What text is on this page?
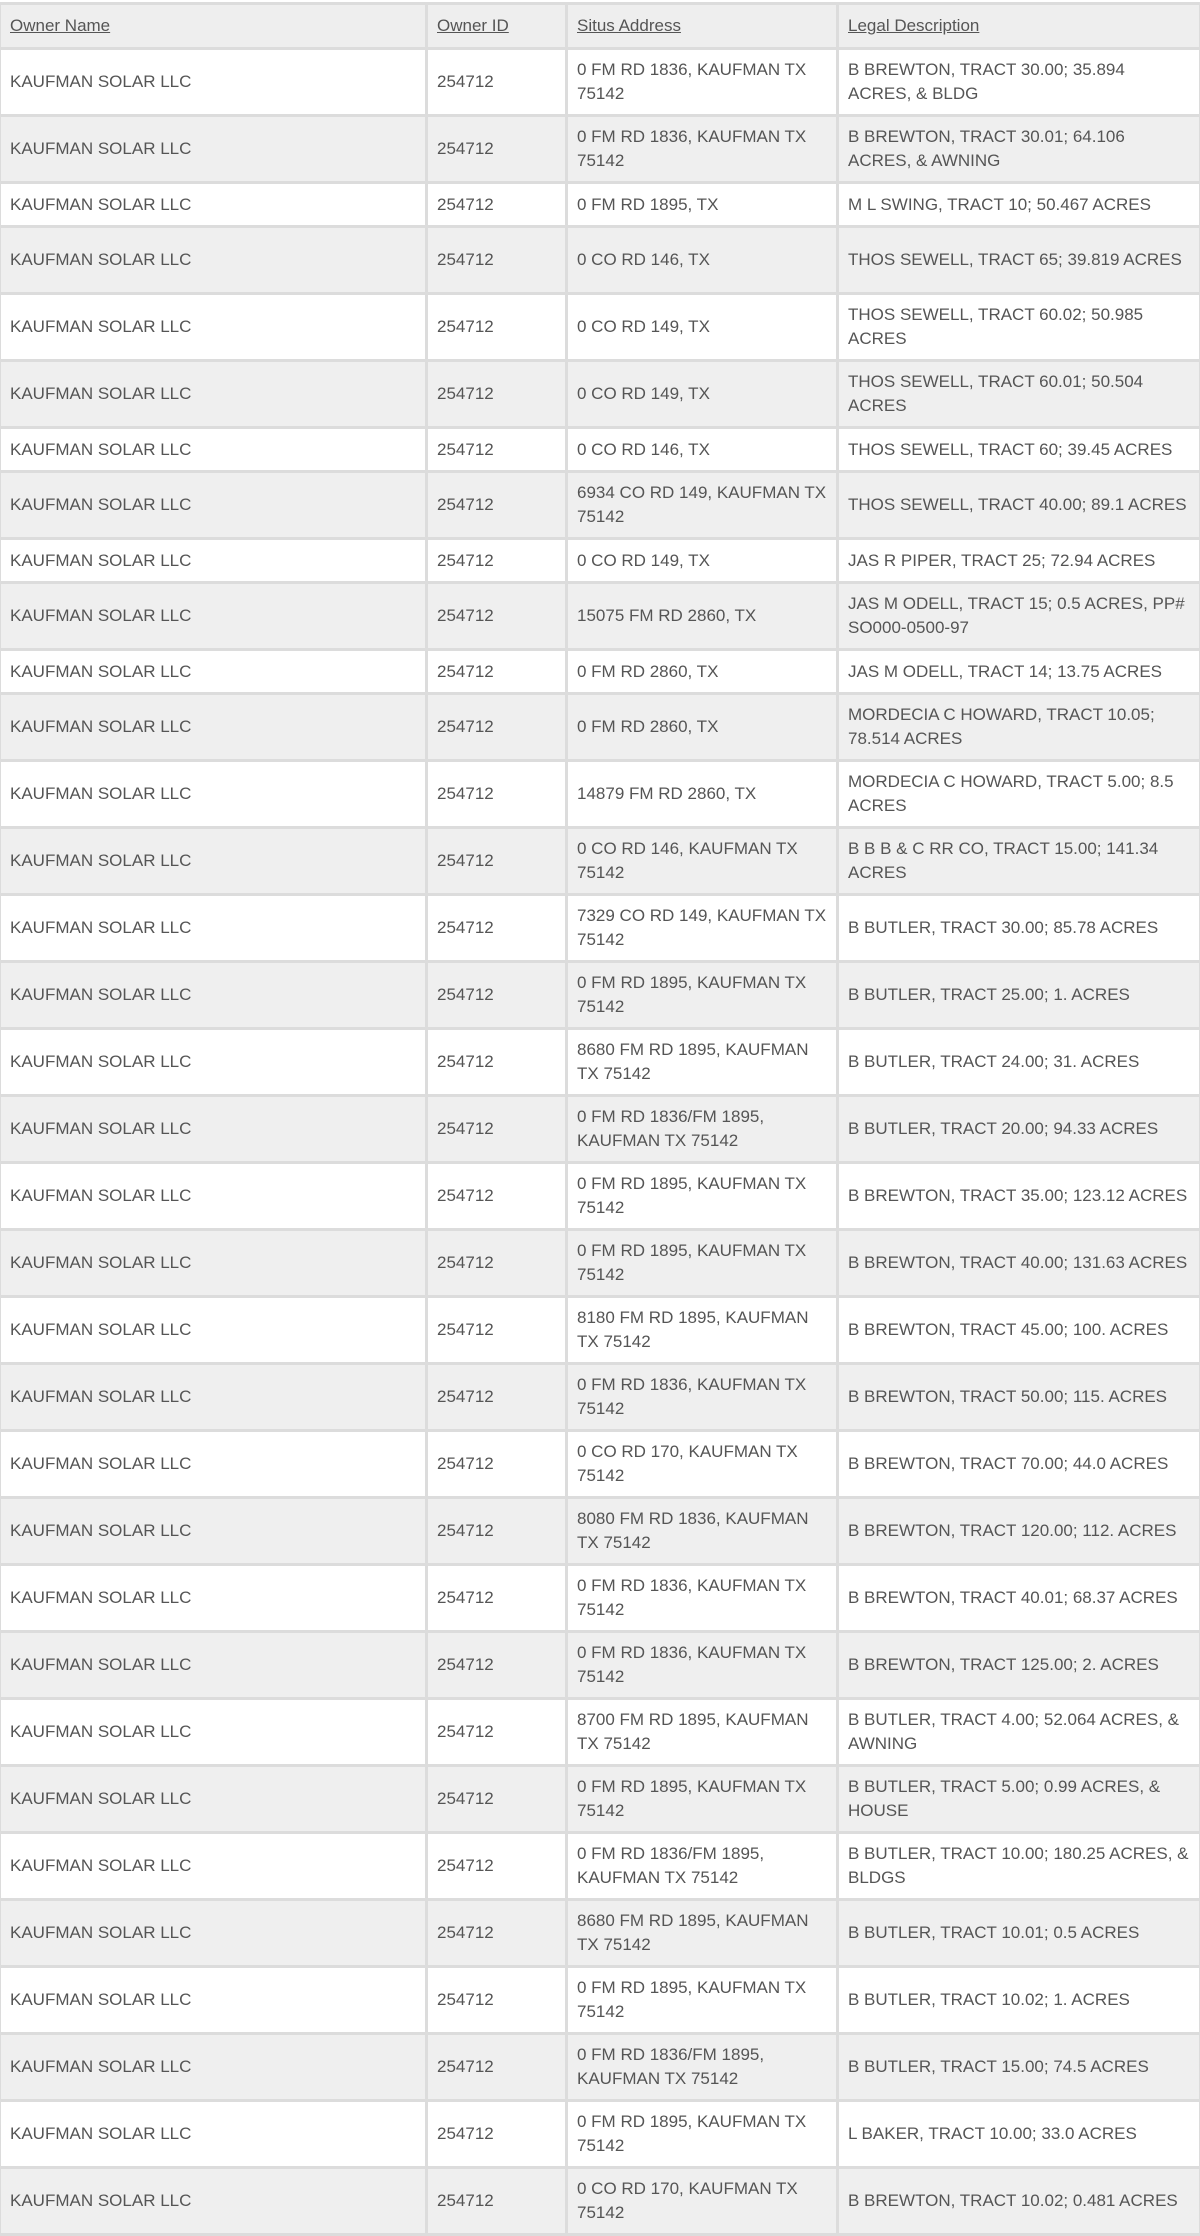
Owner Name	Owner ID	Situs Address	Legal Description
KAUFMAN SOLAR LLC	254712	0 FM RD 1836, KAUFMAN TX 75142	B BREWTON, TRACT 30.00; 35.894 ACRES, & BLDG
KAUFMAN SOLAR LLC	254712	0 FM RD 1836, KAUFMAN TX 75142	B BREWTON, TRACT 30.01; 64.106 ACRES, & AWNING
KAUFMAN SOLAR LLC	254712	0 FM RD 1895, TX	M L SWING, TRACT 10; 50.467 ACRES
KAUFMAN SOLAR LLC	254712	0 CO RD 146, TX	THOS SEWELL, TRACT 65; 39.819 ACRES
KAUFMAN SOLAR LLC	254712	0 CO RD 149, TX	THOS SEWELL, TRACT 60.02; 50.985 ACRES
KAUFMAN SOLAR LLC	254712	0 CO RD 149, TX	THOS SEWELL, TRACT 60.01; 50.504 ACRES
KAUFMAN SOLAR LLC	254712	0 CO RD 146, TX	THOS SEWELL, TRACT 60; 39.45 ACRES
KAUFMAN SOLAR LLC	254712	6934 CO RD 149, KAUFMAN TX 75142	THOS SEWELL, TRACT 40.00; 89.1 ACRES
KAUFMAN SOLAR LLC	254712	0 CO RD 149, TX	JAS R PIPER, TRACT 25; 72.94 ACRES
KAUFMAN SOLAR LLC	254712	15075 FM RD 2860, TX	JAS M ODELL, TRACT 15; 0.5 ACRES, PP# SO000-0500-97
KAUFMAN SOLAR LLC	254712	0 FM RD 2860, TX	JAS M ODELL, TRACT 14; 13.75 ACRES
KAUFMAN SOLAR LLC	254712	0 FM RD 2860, TX	MORDECIA C HOWARD, TRACT 10.05; 78.514 ACRES
KAUFMAN SOLAR LLC	254712	14879 FM RD 2860, TX	MORDECIA C HOWARD, TRACT 5.00; 8.5 ACRES
KAUFMAN SOLAR LLC	254712	0 CO RD 146, KAUFMAN TX 75142	B B B & C RR CO, TRACT 15.00; 141.34 ACRES
KAUFMAN SOLAR LLC	254712	7329 CO RD 149, KAUFMAN TX 75142	B BUTLER, TRACT 30.00; 85.78 ACRES
KAUFMAN SOLAR LLC	254712	0 FM RD 1895, KAUFMAN TX 75142	B BUTLER, TRACT 25.00; 1. ACRES
KAUFMAN SOLAR LLC	254712	8680 FM RD 1895, KAUFMAN TX 75142	B BUTLER, TRACT 24.00; 31. ACRES
KAUFMAN SOLAR LLC	254712	0 FM RD 1836/FM 1895, KAUFMAN TX 75142	B BUTLER, TRACT 20.00; 94.33 ACRES
KAUFMAN SOLAR LLC	254712	0 FM RD 1895, KAUFMAN TX 75142	B BREWTON, TRACT 35.00; 123.12 ACRES
KAUFMAN SOLAR LLC	254712	0 FM RD 1895, KAUFMAN TX 75142	B BREWTON, TRACT 40.00; 131.63 ACRES
KAUFMAN SOLAR LLC	254712	8180 FM RD 1895, KAUFMAN TX 75142	B BREWTON, TRACT 45.00; 100. ACRES
KAUFMAN SOLAR LLC	254712	0 FM RD 1836, KAUFMAN TX 75142	B BREWTON, TRACT 50.00; 115. ACRES
KAUFMAN SOLAR LLC	254712	0 CO RD 170, KAUFMAN TX 75142	B BREWTON, TRACT 70.00; 44.0 ACRES
KAUFMAN SOLAR LLC	254712	8080 FM RD 1836, KAUFMAN TX 75142	B BREWTON, TRACT 120.00; 112. ACRES
KAUFMAN SOLAR LLC	254712	0 FM RD 1836, KAUFMAN TX 75142	B BREWTON, TRACT 40.01; 68.37 ACRES
KAUFMAN SOLAR LLC	254712	0 FM RD 1836, KAUFMAN TX 75142	B BREWTON, TRACT 125.00; 2. ACRES
KAUFMAN SOLAR LLC	254712	8700 FM RD 1895, KAUFMAN TX 75142	B BUTLER, TRACT 4.00; 52.064 ACRES, & AWNING
KAUFMAN SOLAR LLC	254712	0 FM RD 1895, KAUFMAN TX 75142	B BUTLER, TRACT 5.00; 0.99 ACRES, & HOUSE
KAUFMAN SOLAR LLC	254712	0 FM RD 1836/FM 1895, KAUFMAN TX 75142	B BUTLER, TRACT 10.00; 180.25 ACRES, & BLDGS
KAUFMAN SOLAR LLC	254712	8680 FM RD 1895, KAUFMAN TX 75142	B BUTLER, TRACT 10.01; 0.5 ACRES
KAUFMAN SOLAR LLC	254712	0 FM RD 1895, KAUFMAN TX 75142	B BUTLER, TRACT 10.02; 1. ACRES
KAUFMAN SOLAR LLC	254712	0 FM RD 1836/FM 1895, KAUFMAN TX 75142	B BUTLER, TRACT 15.00; 74.5 ACRES
KAUFMAN SOLAR LLC	254712	0 FM RD 1895, KAUFMAN TX 75142	L BAKER, TRACT 10.00; 33.0 ACRES
KAUFMAN SOLAR LLC	254712	0 CO RD 170, KAUFMAN TX 75142	B BREWTON, TRACT 10.02; 0.481 ACRES
